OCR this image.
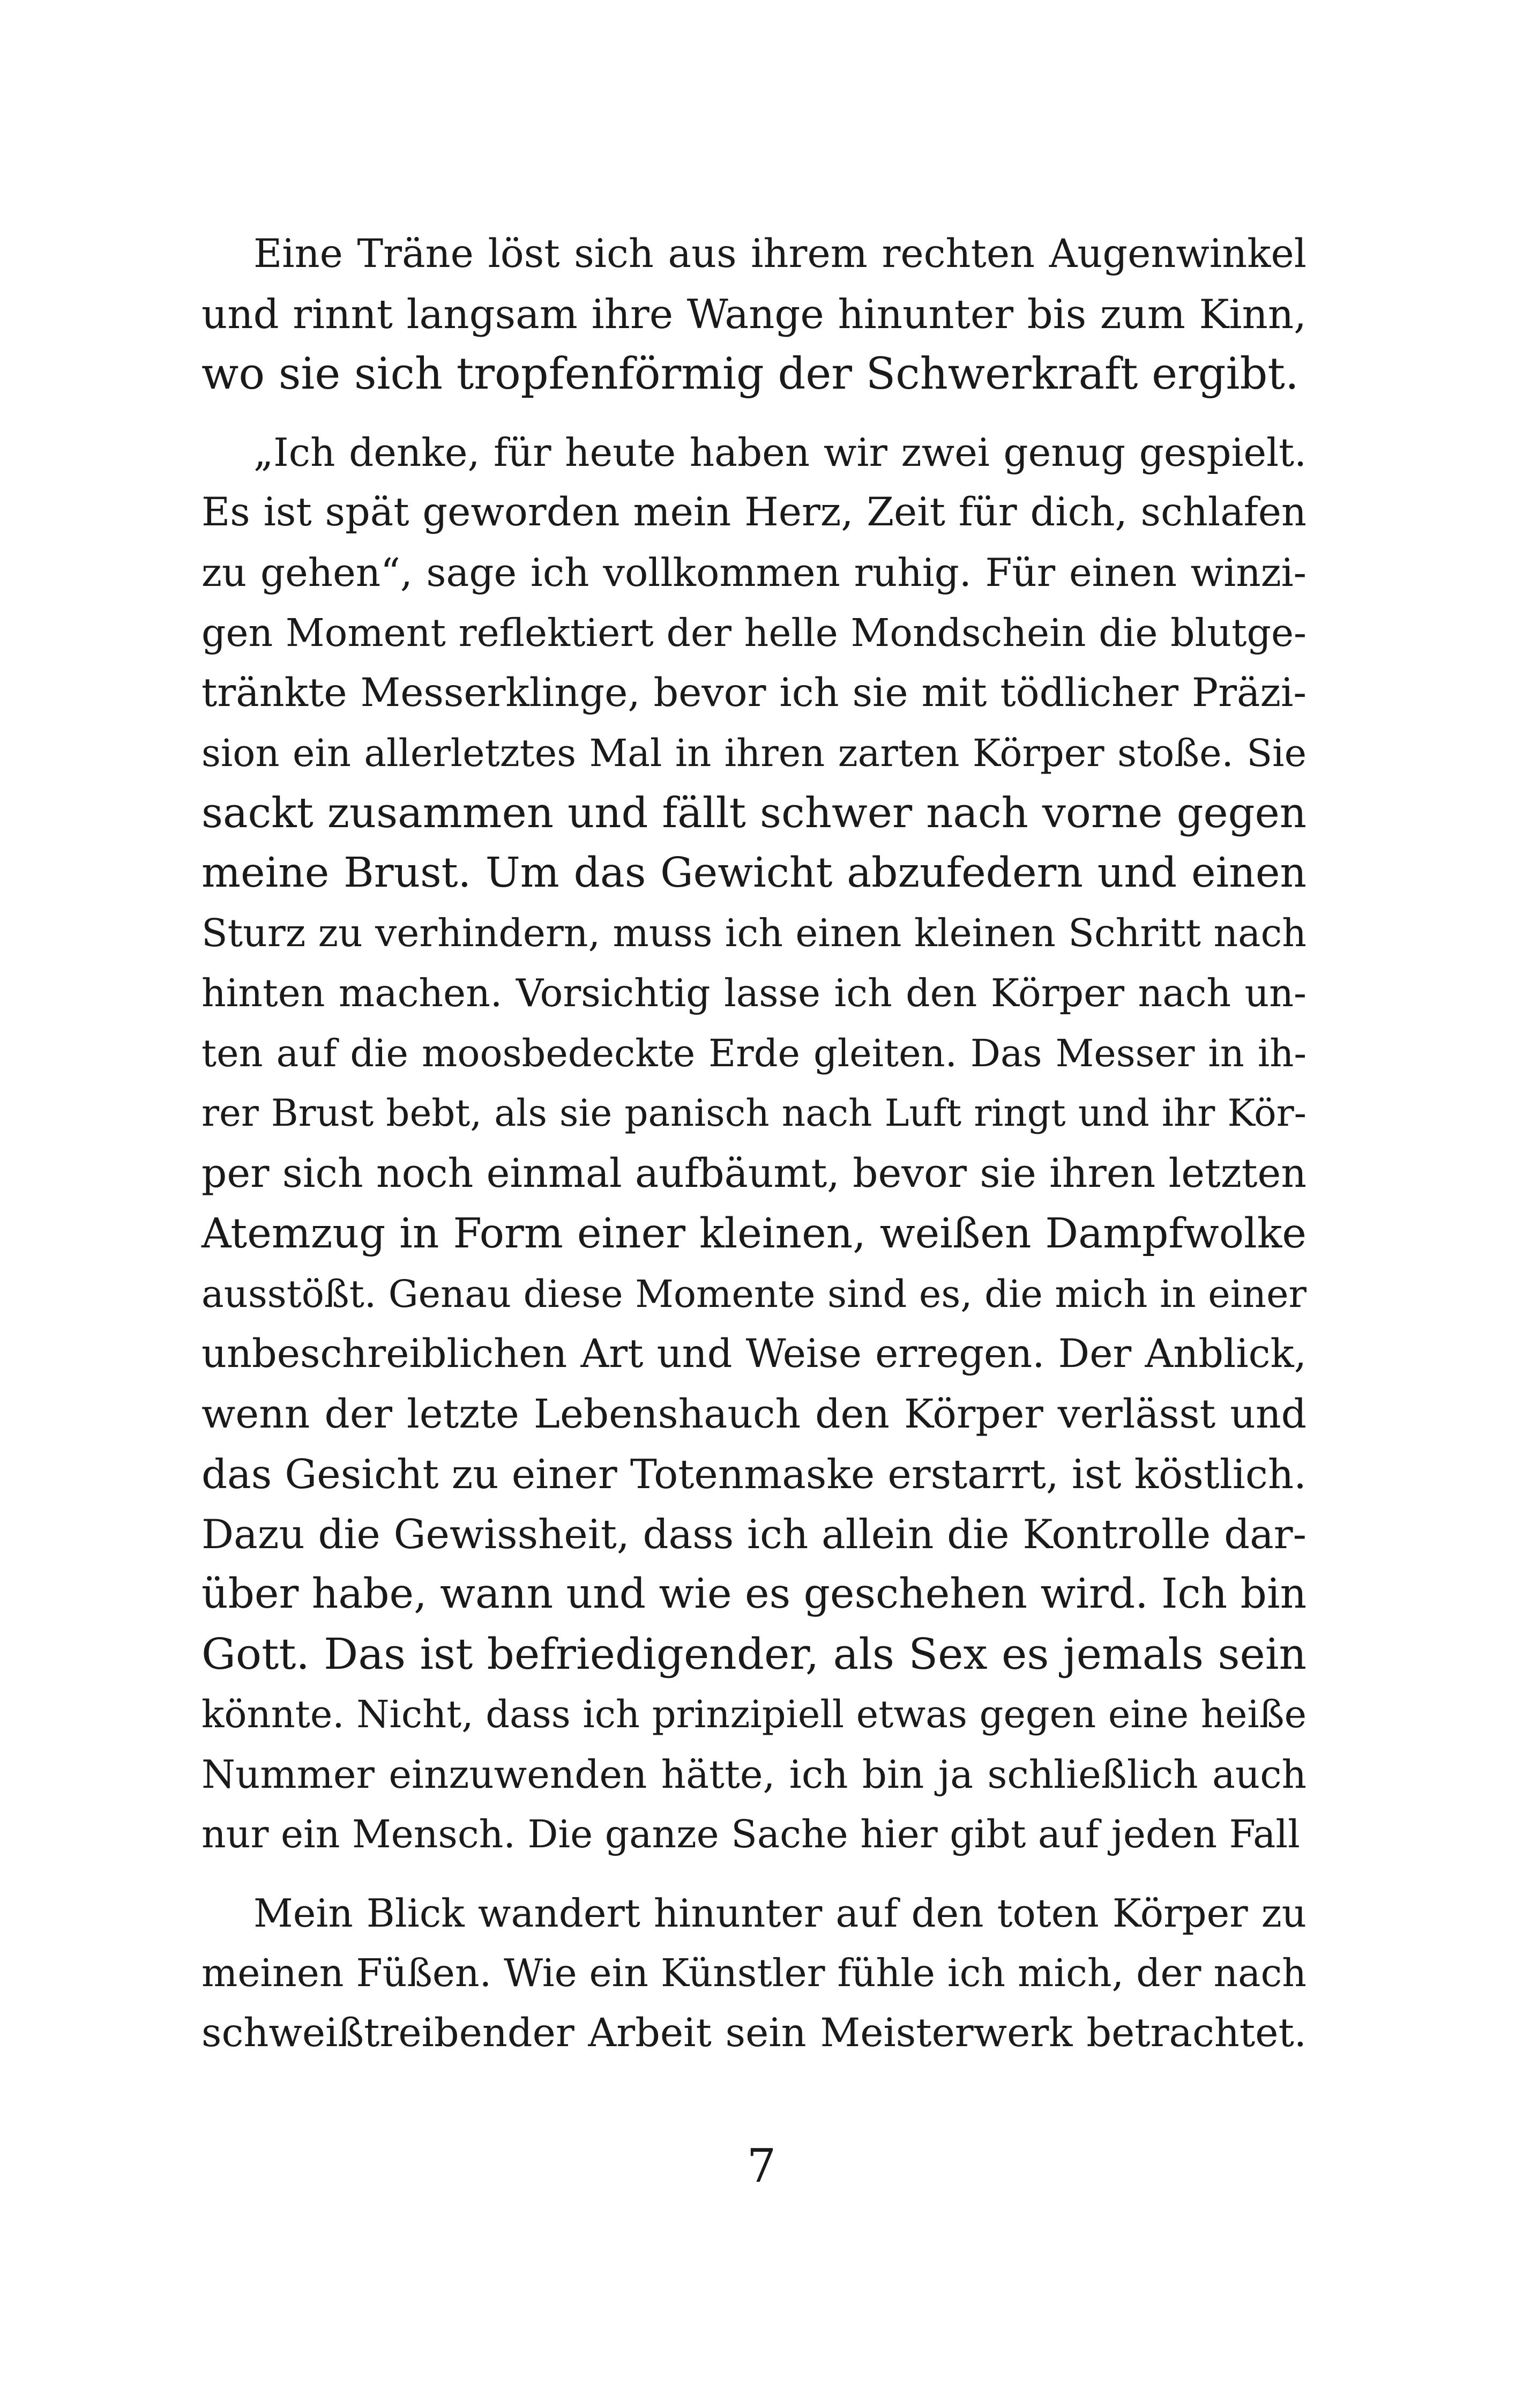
Eine Träne löst sich aus ihrem rechten Augenwinkel
und rinnt langsam ihre Wange hinunter bis zum Kinn,
wo sie sich tropfenförmig der Schwerkraft ergibt.
„Ich denke, für heute haben wir zwei genug gespielt.
Es ist spät geworden mein Herz, Zeit für dich, schlafen
zu gehen“, sage ich vollkommen ruhig. Für einen winzi-
gen Moment reflektiert der helle Mondschein die blutge-
tränkte Messerklinge, bevor ich sie mit tödlicher Präzi-
sion ein allerletztes Mal in ihren zarten Körper stoße. Sie
sackt zusammen und fällt schwer nach vorne gegen
meine Brust. Um das Gewicht abzufedern und einen
Sturz zu verhindern, muss ich einen kleinen Schritt nach
hinten machen. Vorsichtig lasse ich den Körper nach un-
ten auf die moosbedeckte Erde gleiten. Das Messer in ih-
rer Brust bebt, als sie panisch nach Luft ringt und ihr Kör-
per sich noch einmal aufbäumt, bevor sie ihren letzten
Atemzug in Form einer kleinen, weißen Dampfwolke
ausstößt. Genau diese Momente sind es, die mich in einer
unbeschreiblichen Art und Weise erregen. Der Anblick,
wenn der letzte Lebenshauch den Körper verlässt und
das Gesicht zu einer Totenmaske erstarrt, ist köstlich.
Dazu die Gewissheit, dass ich allein die Kontrolle dar-
über habe, wann und wie es geschehen wird. Ich bin
Gott. Das ist befriedigender, als Sex es jemals sein
könnte. Nicht, dass ich prinzipiell etwas gegen eine heiße
Nummer einzuwenden hätte, ich bin ja schließlich auch
nur ein Mensch. Die ganze Sache hier gibt auf jeden Fall
Mein Blick wandert hinunter auf den toten Körper zu
meinen Füßen. Wie ein Künstler fühle ich mich, der nach
schweißtreibender Arbeit sein Meisterwerk betrachtet.
7
